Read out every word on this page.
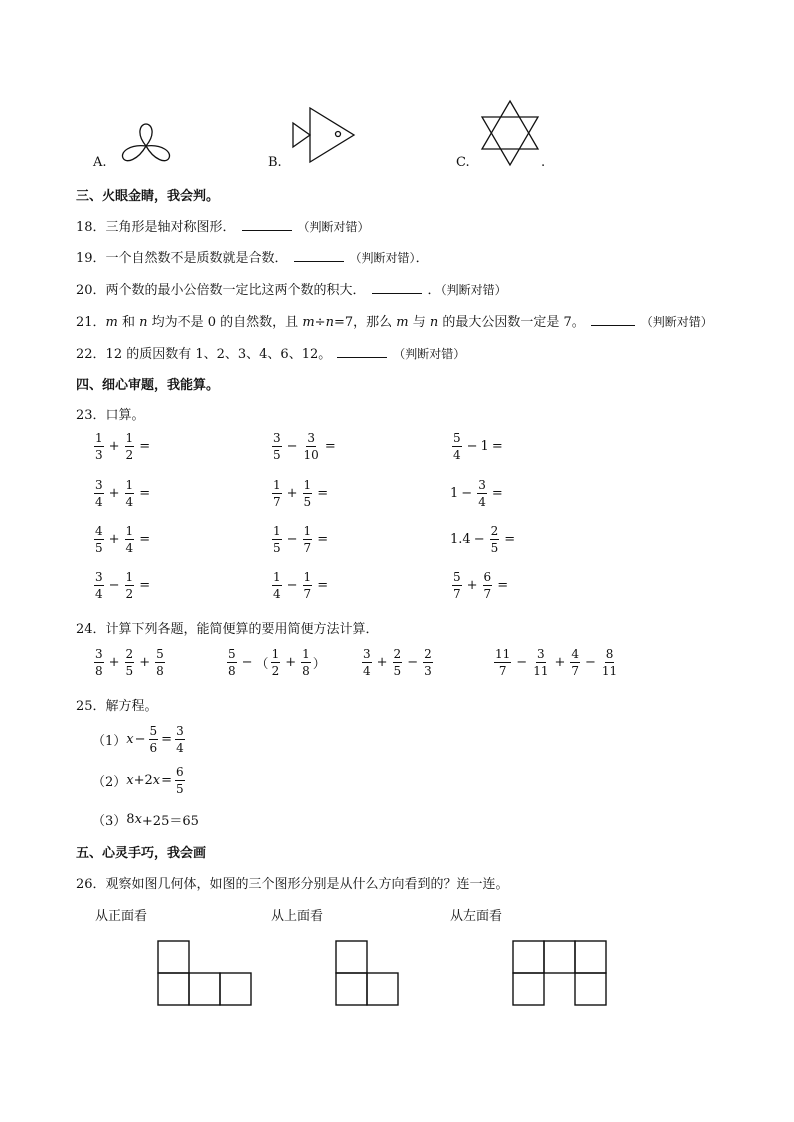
A.	B.	C.	.
三、火眼金睛，我会判。
18．三角形是轴对称图形．	（判断对错）
19．一个自然数不是质数就是合数．	（判断对错）．
20．两个数的最小公倍数一定比这两个数的积大．	．（判断对错）
21．m 和 n 均为不是 0 的自然数，且 m÷n=7，那么 m 与 n 的最大公因数一定是 7。	（判断对错）
22．12 的质因数有 1、2、3、4、6、12。	（判断对错）
四、细心审题，我能算。
23．口算。
$\frac{1}{3} + \frac{1}{2}$ =	$\frac{3}{5} - \frac{3}{10}$ =	$\frac{5}{4} - 1$ =
$\frac{3}{4} + \frac{1}{4}$ =	$\frac{1}{7} + \frac{1}{5}$ =	$1 - \frac{3}{4}$ =
$\frac{4}{5} + \frac{1}{4}$ =	$\frac{1}{5} - \frac{1}{7}$ =	$1.4 - \frac{2}{5}$ =
$\frac{3}{4} - \frac{1}{2}$ =	$\frac{1}{4} - \frac{1}{7}$ =	$\frac{5}{7} + \frac{6}{7}$ =
24．计算下列各题，能简便算的要用简便方法计算．
$\frac{3}{8} + \frac{2}{5} + \frac{5}{8}$	$\frac{5}{8}$ − （ $\frac{1}{2} + \frac{1}{8}$ ）	$\frac{3}{4} + \frac{2}{5} - \frac{2}{3}$	$\frac{11}{7} - \frac{3}{11} + \frac{4}{7} - \frac{8}{11}$
25．解方程。
（1） $x - \frac{5}{6} = \frac{3}{4}$
（2） x +2 $x = \frac{6}{5}$
（3） 8 x +25＝65
五、心灵手巧，我会画
26．观察如图几何体，如图的三个图形分别是从什么方向看到的？连一连。
从正面看	从上面看	从左面看
